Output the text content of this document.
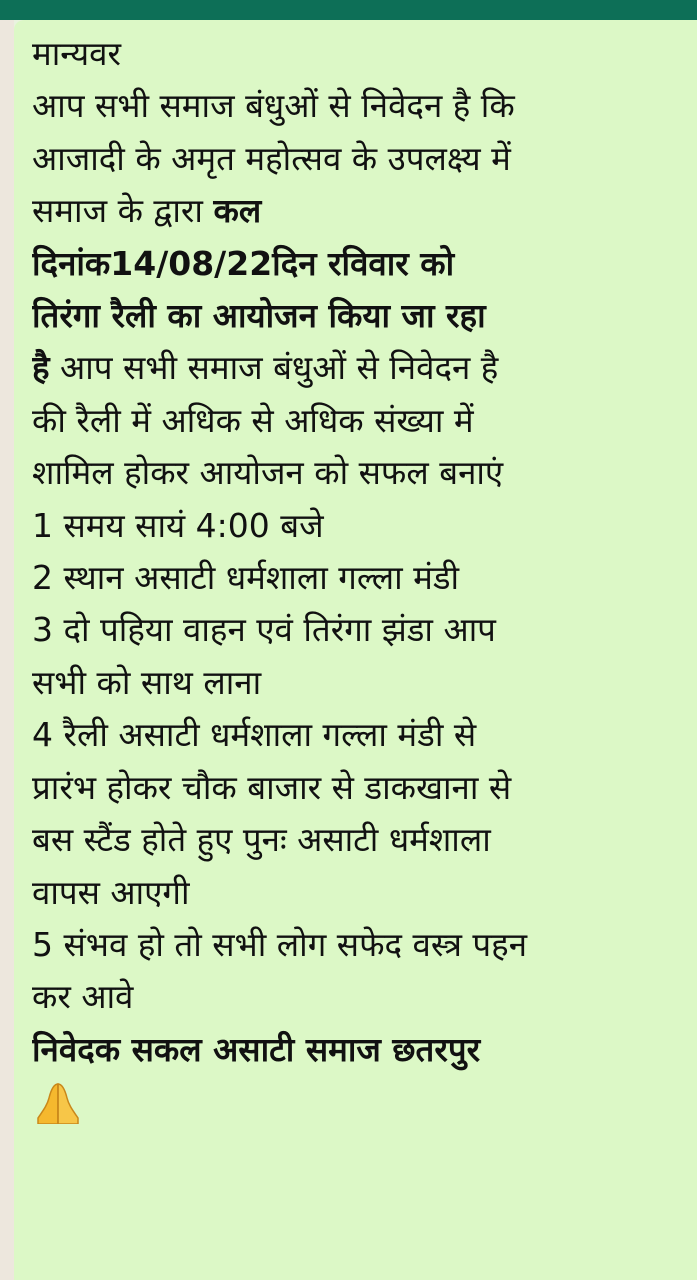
मान्यवर
आप सभी समाज बंधुओं से निवेदन है कि
आजादी के अमृत महोत्सव के उपलक्ष्य में
समाज के द्वारा कल
दिनांक14/08/22दिन रविवार को
तिरंगा रैली का आयोजन किया जा रहा
है आप सभी समाज बंधुओं से निवेदन है
की रैली में अधिक से अधिक संख्या में
शामिल होकर आयोजन को सफल बनाएं
1 समय सायं 4:00 बजे
2 स्थान असाटी धर्मशाला गल्ला मंडी
3 दो पहिया वाहन एवं तिरंगा झंडा आप
सभी को साथ लाना
4 रैली असाटी धर्मशाला गल्ला मंडी से
प्रारंभ होकर चौक बाजार से डाकखाना से
बस स्टैंड होते हुए पुनः असाटी धर्मशाला
वापस आएगी
5 संभव हो तो सभी लोग सफेद वस्त्र पहन
कर आवे
निवेदक सकल असाटी समाज छतरपुर
